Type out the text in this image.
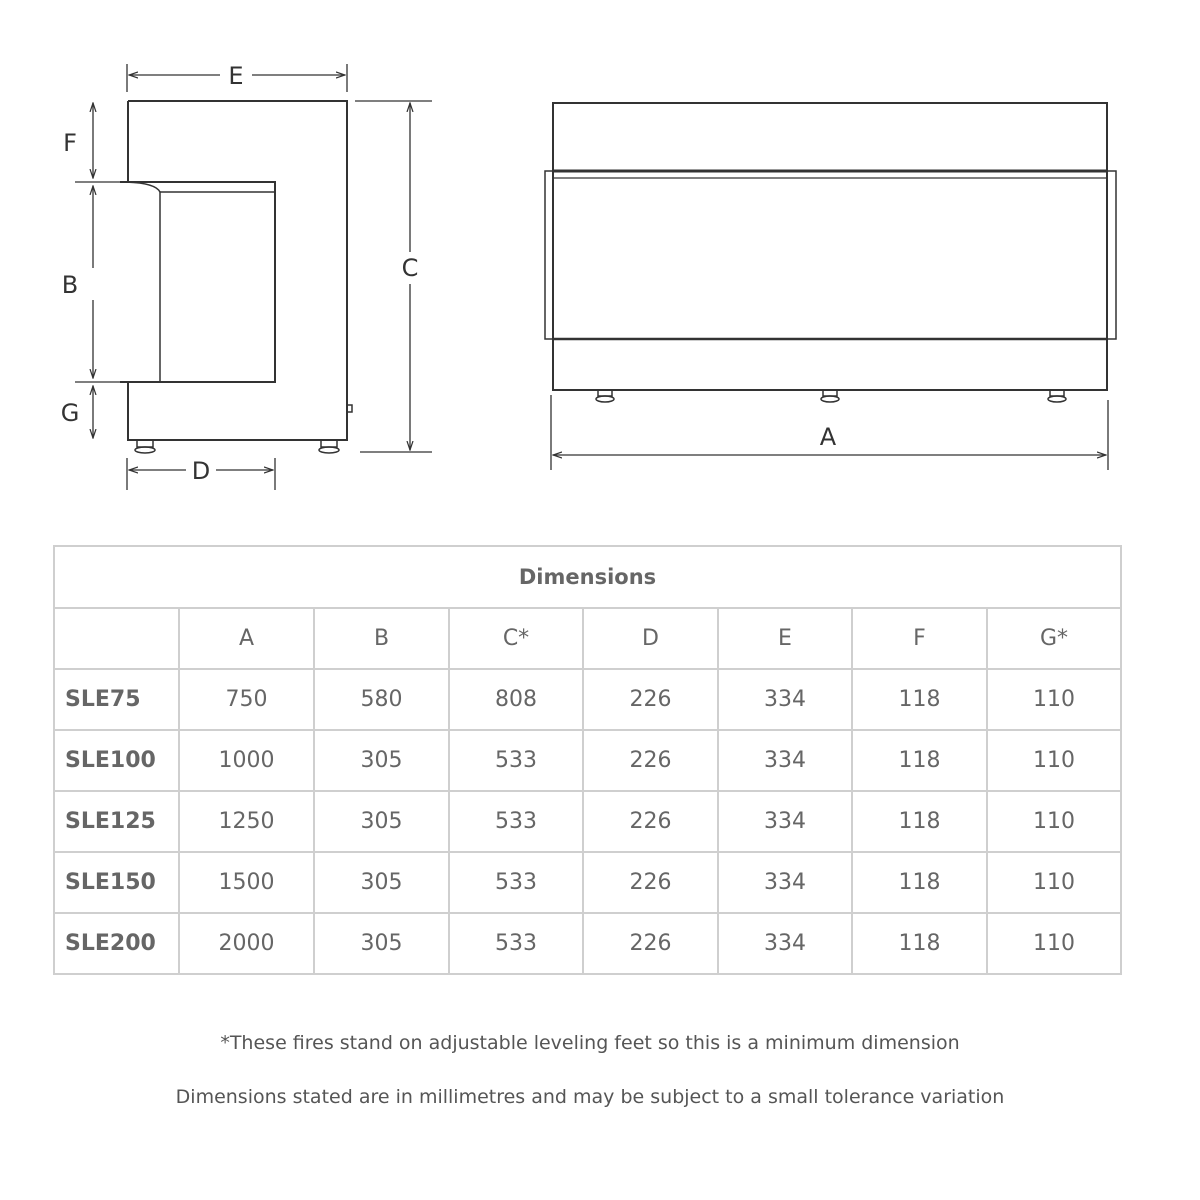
E
F
B
G
D
C
A
Dimensions							
	A	B	C*	D	E	F	G*
SLE75	750	580	808	226	334	118	110
SLE100	1000	305	533	226	334	118	110
SLE125	1250	305	533	226	334	118	110
SLE150	1500	305	533	226	334	118	110
SLE200	2000	305	533	226	334	118	110
*These fires stand on adjustable leveling feet so this is a minimum dimension
Dimensions stated are in millimetres and may be subject to a small tolerance variation
